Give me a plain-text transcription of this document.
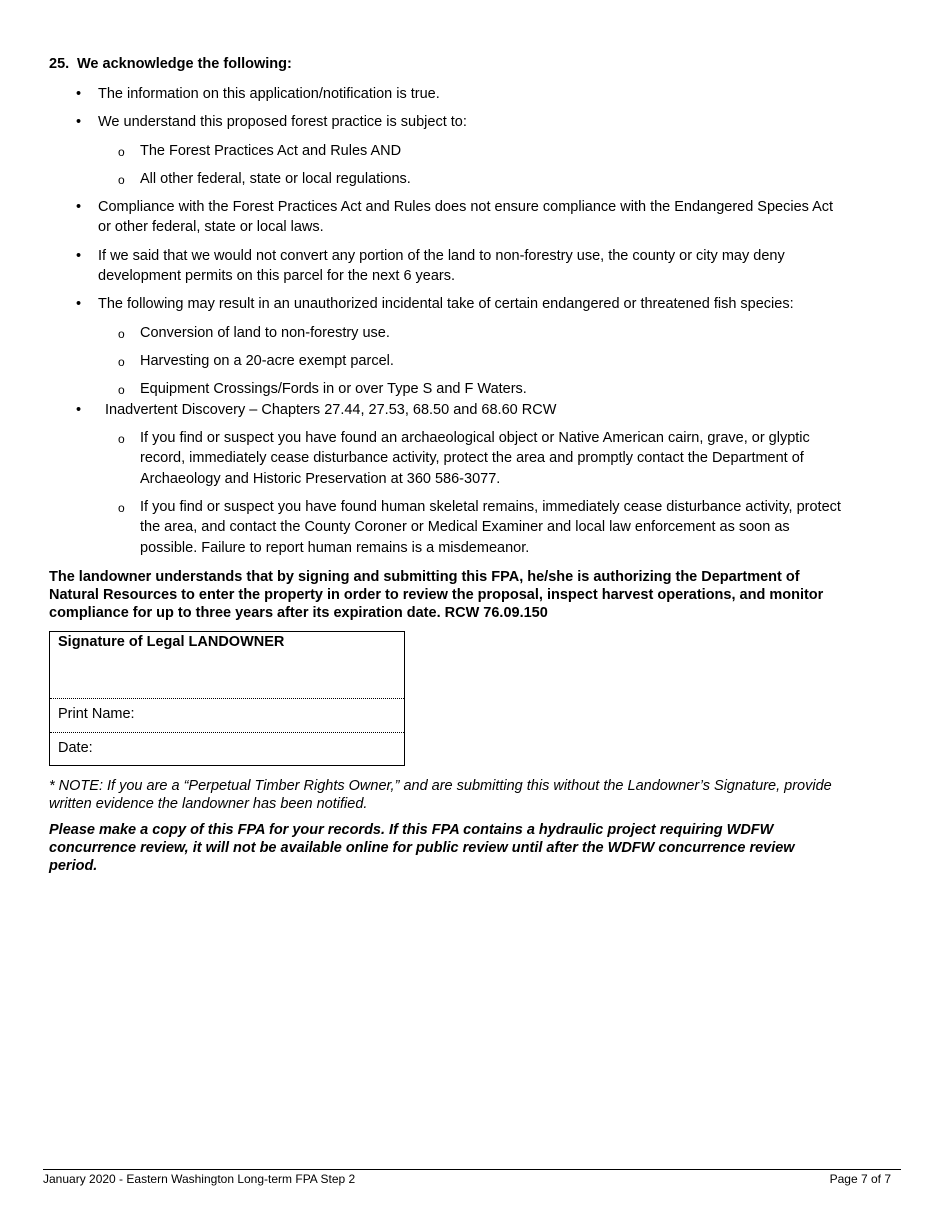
25. We acknowledge the following:
• The information on this application/notification is true.
• We understand this proposed forest practice is subject to:
o The Forest Practices Act and Rules AND
o All other federal, state or local regulations.
• Compliance with the Forest Practices Act and Rules does not ensure compliance with the Endangered Species Act
or other federal, state or local laws.
• If we said that we would not convert any portion of the land to non-forestry use, the county or city may deny
development permits on this parcel for the next 6 years.
• The following may result in an unauthorized incidental take of certain endangered or threatened fish species:
o Conversion of land to non-forestry use.
o Harvesting on a 20-acre exempt parcel.
o Equipment Crossings/Fords in or over Type S and F Waters.
• Inadvertent Discovery – Chapters 27.44, 27.53, 68.50 and 68.60 RCW
o If you find or suspect you have found an archaeological object or Native American cairn, grave, or glyptic
record, immediately cease disturbance activity, protect the area and promptly contact the Department of
Archaeology and Historic Preservation at 360 586-3077.
o If you find or suspect you have found human skeletal remains, immediately cease disturbance activity, protect
the area, and contact the County Coroner or Medical Examiner and local law enforcement as soon as
possible. Failure to report human remains is a misdemeanor.
The landowner understands that by signing and submitting this FPA, he/she is authorizing the Department of
Natural Resources to enter the property in order to review the proposal, inspect harvest operations, and monitor
compliance for up to three years after its expiration date. RCW 76.09.150
Signature of Legal LANDOWNER
Print Name:
Date:
* NOTE: If you are a “Perpetual Timber Rights Owner,” and are submitting this without the Landowner’s Signature, provide
written evidence the landowner has been notified.
Please make a copy of this FPA for your records. If this FPA contains a hydraulic project requiring WDFW
concurrence review, it will not be available online for public review until after the WDFW concurrence review
period.
January 2020 - Eastern Washington Long-term FPA Step 2	Page 7 of 7
